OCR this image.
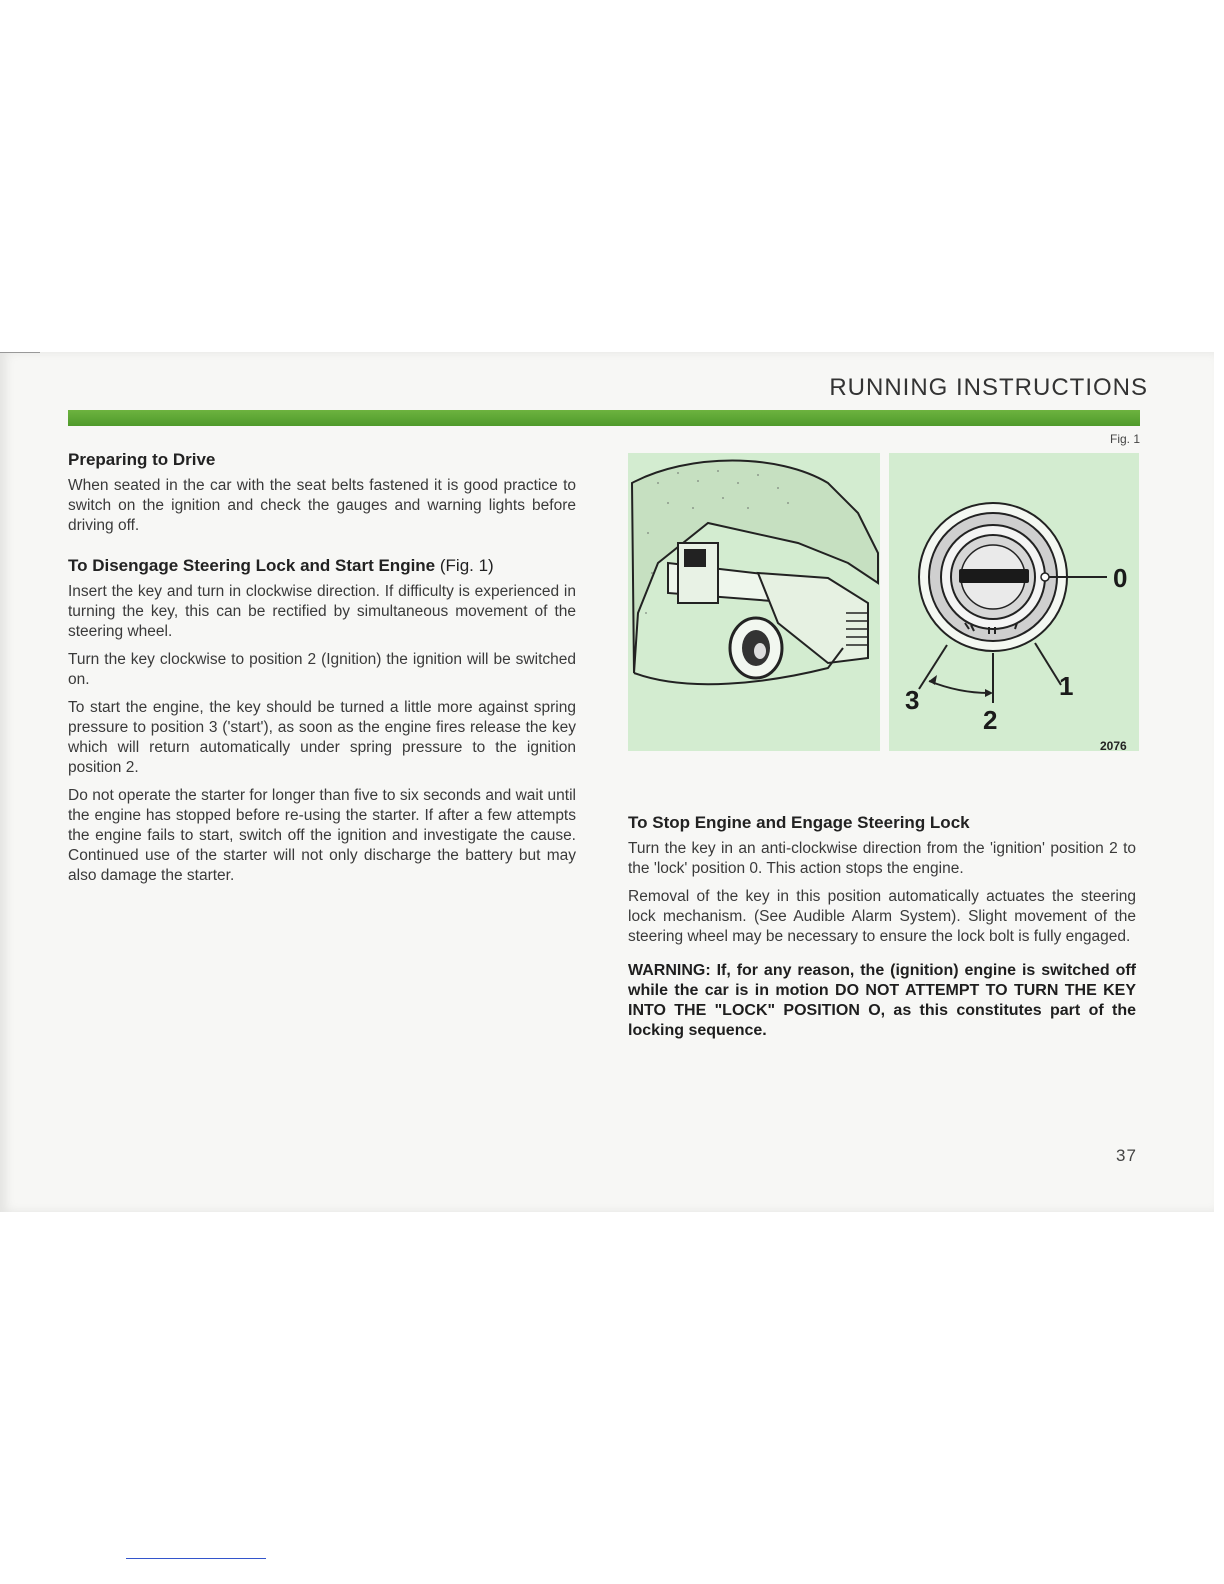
RUNNING INSTRUCTIONS
Preparing to Drive

When seated in the car with the seat belts fastened it is good practice to switch on the ignition and check the gauges and warning lights before driving off.

To Disengage Steering Lock and Start Engine (Fig. 1)

Insert the key and turn in clockwise direction. If difficulty is experienced in turning the key, this can be rectified by simultaneous movement of the steering wheel.

Turn the key clockwise to position 2 (Ignition) the ignition will be switched on.

To start the engine, the key should be turned a little more against spring pressure to position 3 ('start'), as soon as the engine fires release the key which will return automatically under spring pressure to the ignition position 2.

Do not operate the starter for longer than five to six seconds and wait until the engine has stopped before re-using the starter. If after a few attempts the engine fails to start, switch off the ignition and investigate the cause. Continued use of the starter will not only discharge the battery but may also damage the starter.

Fig. 1
0
1
2
3
2076
To Stop Engine and Engage Steering Lock

Turn the key in an anti-clockwise direction from the 'ignition' position 2 to the 'lock' position 0. This action stops the engine.

Removal of the key in this position automatically actuates the steering lock mechanism. (See Audible Alarm System). Slight movement of the steering wheel may be necessary to ensure the lock bolt is fully engaged.

WARNING: If, for any reason, the (ignition) engine is switched off while the car is in motion DO NOT ATTEMPT TO TURN THE KEY INTO THE "LOCK" POSITION O, as this constitutes part of the locking sequence.
37
